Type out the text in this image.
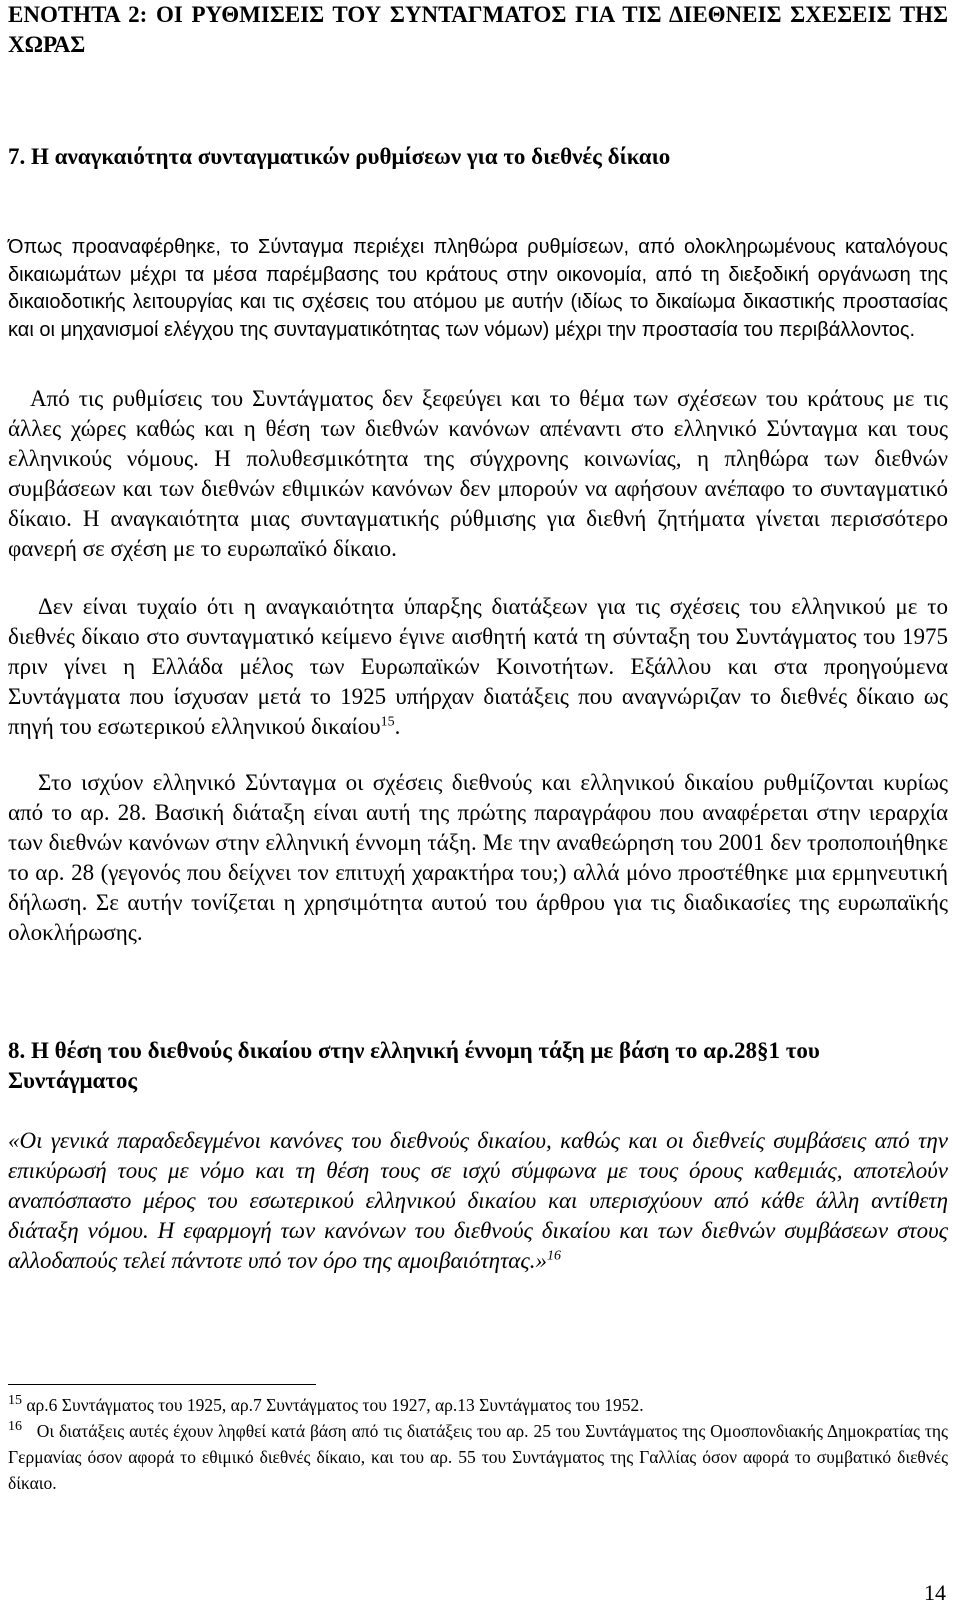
ΕΝΟΤΗΤΑ 2: ΟΙ ΡΥΘΜΙΣΕΙΣ ΤΟΥ ΣΥΝΤΑΓΜΑΤΟΣ ΓΙΑ ΤΙΣ ΔΙΕΘΝΕΙΣ ΣΧΕΣΕΙΣ ΤΗΣ ΧΩΡΑΣ

7. Η αναγκαιότητα συνταγματικών ρυθμίσεων για το διεθνές δίκαιο

Όπως προαναφέρθηκε, το Σύνταγμα περιέχει πληθώρα ρυθμίσεων, από ολοκληρωμένους καταλόγους δικαιωμάτων μέχρι τα μέσα παρέμβασης του κράτους στην οικονομία, από τη διεξοδική οργάνωση της δικαιοδοτικής λειτουργίας και τις σχέσεις του ατόμου με αυτήν (ιδίως το δικαίωμα δικαστικής προστασίας και οι μηχανισμοί ελέγχου της συνταγματικότητας των νόμων) μέχρι την προστασία του περιβάλλοντος.

Από τις ρυθμίσεις του Συντάγματος δεν ξεφεύγει και το θέμα των σχέσεων του κράτους με τις άλλες χώρες καθώς και η θέση των διεθνών κανόνων απέναντι στο ελληνικό Σύνταγμα και τους ελληνικούς νόμους. Η πολυθεσμικότητα της σύγχρονης κοινωνίας, η πληθώρα των διεθνών συμβάσεων και των διεθνών εθιμικών κανόνων δεν μπορούν να αφήσουν ανέπαφο το συνταγματικό δίκαιο. Η αναγκαιότητα μιας συνταγματικής ρύθμισης για διεθνή ζητήματα γίνεται περισσότερο φανερή σε σχέση με το ευρωπαϊκό δίκαιο.

Δεν είναι τυχαίο ότι η αναγκαιότητα ύπαρξης διατάξεων για τις σχέσεις του ελληνικού με το διεθνές δίκαιο στο συνταγματικό κείμενο έγινε αισθητή κατά τη σύνταξη του Συντάγματος του 1975 πριν γίνει η Ελλάδα μέλος των Ευρωπαϊκών Κοινοτήτων. Εξάλλου και στα προηγούμενα Συντάγματα που ίσχυσαν μετά το 1925 υπήρχαν διατάξεις που αναγνώριζαν το διεθνές δίκαιο ως πηγή του εσωτερικού ελληνικού δικαίου$^{15}$.

Στο ισχύον ελληνικό Σύνταγμα οι σχέσεις διεθνούς και ελληνικού δικαίου ρυθμίζονται κυρίως από το αρ. 28. Βασική διάταξη είναι αυτή της πρώτης παραγράφου που αναφέρεται στην ιεραρχία των διεθνών κανόνων στην ελληνική έννομη τάξη. Με την αναθεώρηση του 2001 δεν τροποποιήθηκε το αρ. 28 (γεγονός που δείχνει τον επιτυχή χαρακτήρα του;) αλλά μόνο προστέθηκε μια ερμηνευτική δήλωση. Σε αυτήν τονίζεται η χρησιμότητα αυτού του άρθρου για τις διαδικασίες της ευρωπαϊκής ολοκλήρωσης.

8. Η θέση του διεθνούς δικαίου στην ελληνική έννομη τάξη με βάση το αρ.28§1 του Συντάγματος

«Οι γενικά παραδεδεγμένοι κανόνες του διεθνούς δικαίου, καθώς και οι διεθνείς συμβάσεις από την επικύρωσή τους με νόμο και τη θέση τους σε ισχύ σύμφωνα με τους όρους καθεμιάς, αποτελούν αναπόσπαστο μέρος του εσωτερικού ελληνικού δικαίου και υπερισχύουν από κάθε άλλη αντίθετη διάταξη νόμου. Η εφαρμογή των κανόνων του διεθνούς δικαίου και των διεθνών συμβάσεων στους αλλοδαπούς τελεί πάντοτε υπό τον όρο της αμοιβαιότητας.»$^{16}$

$^{15}$ αρ.6 Συντάγματος του 1925, αρ.7 Συντάγματος του 1927, αρ.13 Συντάγματος του 1952.

$^{16}$ Οι διατάξεις αυτές έχουν ληφθεί κατά βάση από τις διατάξεις του αρ. 25 του Συντάγματος της Ομοσπονδιακής Δημοκρατίας της Γερμανίας όσον αφορά το εθιμικό διεθνές δίκαιο, και του αρ. 55 του Συντάγματος της Γαλλίας όσον αφορά το συμβατικό διεθνές δίκαιο.

14
